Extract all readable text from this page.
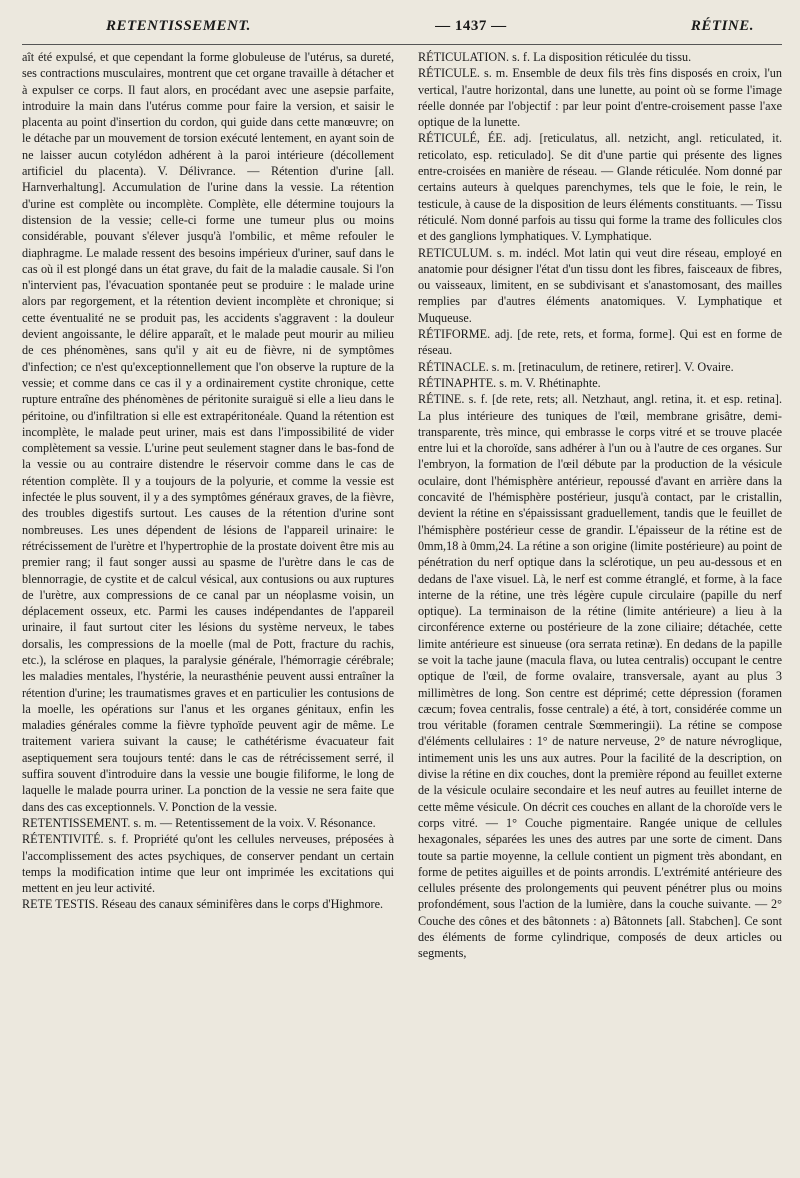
RETENTISSEMENT.	— 1437 —	RÉTINE.

aît été expulsé, et que cependant la forme globuleuse de l'utérus, sa dureté, ses contractions musculaires, montrent que cet organe travaille à détacher et à expulser ce corps. Il faut alors, en procédant avec une asepsie parfaite, introduire la main dans l'utérus comme pour faire la version, et saisir le placenta au point d'insertion du cordon, qui guide dans cette manœuvre; on le détache par un mouvement de torsion exécuté lentement, en ayant soin de ne laisser aucun cotylédon adhérent à la paroi intérieure (décollement artificiel du placenta). V. Délivrance. — Rétention d'urine [all. Harnverhaltung]. Accumulation de l'urine dans la vessie. La rétention d'urine est complète ou incomplète. Complète, elle détermine toujours la distension de la vessie; celle-ci forme une tumeur plus ou moins considérable, pouvant s'élever jusqu'à l'ombilic, et même refouler le diaphragme. Le malade ressent des besoins impérieux d'uriner, sauf dans le cas où il est plongé dans un état grave, du fait de la maladie causale. Si l'on n'intervient pas, l'évacuation spontanée peut se produire : le malade urine alors par regorgement, et la rétention devient incomplète et chronique; si cette éventualité ne se produit pas, les accidents s'aggravent : la douleur devient angoissante, le délire apparaît, et le malade peut mourir au milieu de ces phénomènes, sans qu'il y ait eu de fièvre, ni de symptômes d'infection; ce n'est qu'exceptionnellement que l'on observe la rupture de la vessie; et comme dans ce cas il y a ordinairement cystite chronique, cette rupture entraîne des phénomènes de péritonite suraiguë si elle a lieu dans le péritoine, ou d'infiltration si elle est extrapéritonéale. Quand la rétention est incomplète, le malade peut uriner, mais est dans l'impossibilité de vider complètement sa vessie. L'urine peut seulement stagner dans le bas-fond de la vessie ou au contraire distendre le réservoir comme dans le cas de rétention complète. Il y a toujours de la polyurie, et comme la vessie est infectée le plus souvent, il y a des symptômes généraux graves, de la fièvre, des troubles digestifs surtout. Les causes de la rétention d'urine sont nombreuses. Les unes dépendent de lésions de l'appareil urinaire: le rétrécissement de l'urètre et l'hypertrophie de la prostate doivent être mis au premier rang; il faut songer aussi au spasme de l'urètre dans le cas de blennorragie, de cystite et de calcul vésical, aux contusions ou aux ruptures de l'urètre, aux compressions de ce canal par un néoplasme voisin, un déplacement osseux, etc. Parmi les causes indépendantes de l'appareil urinaire, il faut surtout citer les lésions du système nerveux, le tabes dorsalis, les compressions de la moelle (mal de Pott, fracture du rachis, etc.), la sclérose en plaques, la paralysie générale, l'hémorragie cérébrale; les maladies mentales, l'hystérie, la neurasthénie peuvent aussi entraîner la rétention d'urine; les traumatismes graves et en particulier les contusions de la moelle, les opérations sur l'anus et les organes génitaux, enfin les maladies générales comme la fièvre typhoïde peuvent agir de même. Le traitement variera suivant la cause; le cathétérisme évacuateur fait aseptiquement sera toujours tenté: dans le cas de rétrécissement serré, il suffira souvent d'introduire dans la vessie une bougie filiforme, le long de laquelle le malade pourra uriner. La ponction de la vessie ne sera faite que dans des cas exceptionnels. V. Ponction de la vessie.

RETENTISSEMENT. s. m. — Retentissement de la voix. V. Résonance.

RÉTENTIVITÉ. s. f. Propriété qu'ont les cellules nerveuses, préposées à l'accomplissement des actes psychiques, de conserver pendant un certain temps la modification intime que leur ont imprimée les excitations qui mettent en jeu leur activité.

RETE TESTIS. Réseau des canaux séminifères dans le corps d'Highmore.

RÉTICULATION. s. f. La disposition réticulée du tissu.

RÉTICULE. s. m. Ensemble de deux fils très fins disposés en croix, l'un vertical, l'autre horizontal, dans une lunette, au point où se forme l'image réelle donnée par l'objectif : par leur point d'entre-croisement passe l'axe optique de la lunette.

RÉTICULÉ, ÉE. adj. [reticulatus, all. netzicht, angl. reticulated, it. reticolato, esp. reticulado]. Se dit d'une partie qui présente des lignes entre-croisées en manière de réseau. — Glande réticulée. Nom donné par certains auteurs à quelques parenchymes, tels que le foie, le rein, le testicule, à cause de la disposition de leurs éléments constituants. — Tissu réticulé. Nom donné parfois au tissu qui forme la trame des follicules clos et des ganglions lymphatiques. V. Lymphatique.

RETICULUM. s. m. indécl. Mot latin qui veut dire réseau, employé en anatomie pour désigner l'état d'un tissu dont les fibres, faisceaux de fibres, ou vaisseaux, limitent, en se subdivisant et s'anastomosant, des mailles remplies par d'autres éléments anatomiques. V. Lymphatique et Muqueuse.

RÉTIFORME. adj. [de rete, rets, et forma, forme]. Qui est en forme de réseau.

RÉTINACLE. s. m. [retinaculum, de retinere, retirer]. V. Ovaire.

RÉTINAPHTE. s. m. V. Rhétinaphte.

RÉTINE. s. f. [de rete, rets; all. Netzhaut, angl. retina, it. et esp. retina]. La plus intérieure des tuniques de l'œil, membrane grisâtre, demi-transparente, très mince, qui embrasse le corps vitré et se trouve placée entre lui et la choroïde, sans adhérer à l'un ou à l'autre de ces organes. Sur l'embryon, la formation de l'œil débute par la production de la vésicule oculaire, dont l'hémisphère antérieur, repoussé d'avant en arrière dans la concavité de l'hémisphère postérieur, jusqu'à contact, par le cristallin, devient la rétine en s'épaississant graduellement, tandis que le feuillet de l'hémisphère postérieur cesse de grandir. L'épaisseur de la rétine est de 0mm,18 à 0mm,24. La rétine a son origine (limite postérieure) au point de pénétration du nerf optique dans la sclérotique, un peu au-dessous et en dedans de l'axe visuel. Là, le nerf est comme étranglé, et forme, à la face interne de la rétine, une très légère cupule circulaire (papille du nerf optique). La terminaison de la rétine (limite antérieure) a lieu à la circonférence externe ou postérieure de la zone ciliaire; détachée, cette limite antérieure est sinueuse (ora serrata retinæ). En dedans de la papille se voit la tache jaune (macula flava, ou lutea centralis) occupant le centre optique de l'œil, de forme ovalaire, transversale, ayant au plus 3 millimètres de long. Son centre est déprimé; cette dépression (foramen cæcum; fovea centralis, fosse centrale) a été, à tort, considérée comme un trou véritable (foramen centrale Sœmmeringii). La rétine se compose d'éléments cellulaires : 1° de nature nerveuse, 2° de nature névroglique, intimement unis les uns aux autres. Pour la facilité de la description, on divise la rétine en dix couches, dont la première répond au feuillet externe de la vésicule oculaire secondaire et les neuf autres au feuillet interne de cette même vésicule. On décrit ces couches en allant de la choroïde vers le corps vitré. — 1° Couche pigmentaire. Rangée unique de cellules hexagonales, séparées les unes des autres par une sorte de ciment. Dans toute sa partie moyenne, la cellule contient un pigment très abondant, en forme de petites aiguilles et de points arrondis. L'extrémité antérieure des cellules présente des prolongements qui peuvent pénétrer plus ou moins profondément, sous l'action de la lumière, dans la couche suivante. — 2° Couche des cônes et des bâtonnets : a) Bâtonnets [all. Stabchen]. Ce sont des éléments de forme cylindrique, composés de deux articles ou segments,
